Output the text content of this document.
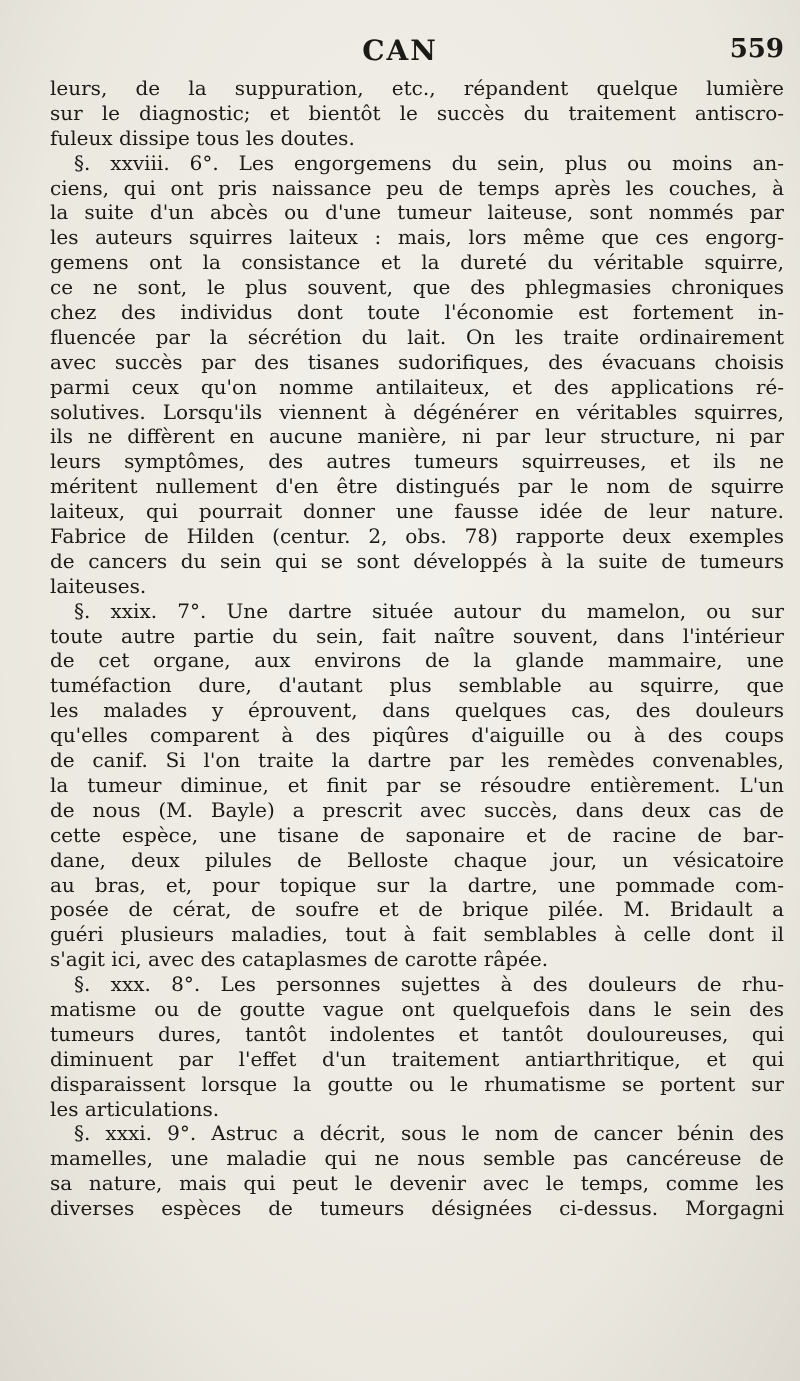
CAN	559
leurs, de la suppuration, etc., répandent quelque lumière
sur le diagnostic; et bientôt le succès du traitement antiscro-
fuleux dissipe tous les doutes.
§. xxviii. 6°. Les engorgemens du sein, plus ou moins an-
ciens, qui ont pris naissance peu de temps après les couches, à
la suite d'un abcès ou d'une tumeur laiteuse, sont nommés par
les auteurs squirres laiteux : mais, lors même que ces engorg-
gemens ont la consistance et la dureté du véritable squirre,
ce ne sont, le plus souvent, que des phlegmasies chroniques
chez des individus dont toute l'économie est fortement in-
fluencée par la sécrétion du lait. On les traite ordinairement
avec succès par des tisanes sudorifiques, des évacuans choisis
parmi ceux qu'on nomme antilaiteux, et des applications ré-
solutives. Lorsqu'ils viennent à dégénérer en véritables squirres,
ils ne diffèrent en aucune manière, ni par leur structure, ni par
leurs symptômes, des autres tumeurs squirreuses, et ils ne
méritent nullement d'en être distingués par le nom de squirre
laiteux, qui pourrait donner une fausse idée de leur nature.
Fabrice de Hilden (centur. 2, obs. 78) rapporte deux exemples
de cancers du sein qui se sont développés à la suite de tumeurs
laiteuses.
§. xxix. 7°. Une dartre située autour du mamelon, ou sur
toute autre partie du sein, fait naître souvent, dans l'intérieur
de cet organe, aux environs de la glande mammaire, une
tuméfaction dure, d'autant plus semblable au squirre, que
les malades y éprouvent, dans quelques cas, des douleurs
qu'elles comparent à des piqûres d'aiguille ou à des coups
de canif. Si l'on traite la dartre par les remèdes convenables,
la tumeur diminue, et finit par se résoudre entièrement. L'un
de nous (M. Bayle) a prescrit avec succès, dans deux cas de
cette espèce, une tisane de saponaire et de racine de bar-
dane, deux pilules de Belloste chaque jour, un vésicatoire
au bras, et, pour topique sur la dartre, une pommade com-
posée de cérat, de soufre et de brique pilée. M. Bridault a
guéri plusieurs maladies, tout à fait semblables à celle dont il
s'agit ici, avec des cataplasmes de carotte râpée.
§. xxx. 8°. Les personnes sujettes à des douleurs de rhu-
matisme ou de goutte vague ont quelquefois dans le sein des
tumeurs dures, tantôt indolentes et tantôt douloureuses, qui
diminuent par l'effet d'un traitement antiarthritique, et qui
disparaissent lorsque la goutte ou le rhumatisme se portent sur
les articulations.
§. xxxi. 9°. Astruc a décrit, sous le nom de cancer bénin des
mamelles, une maladie qui ne nous semble pas cancéreuse de
sa nature, mais qui peut le devenir avec le temps, comme les
diverses espèces de tumeurs désignées ci-dessus. Morgagni
